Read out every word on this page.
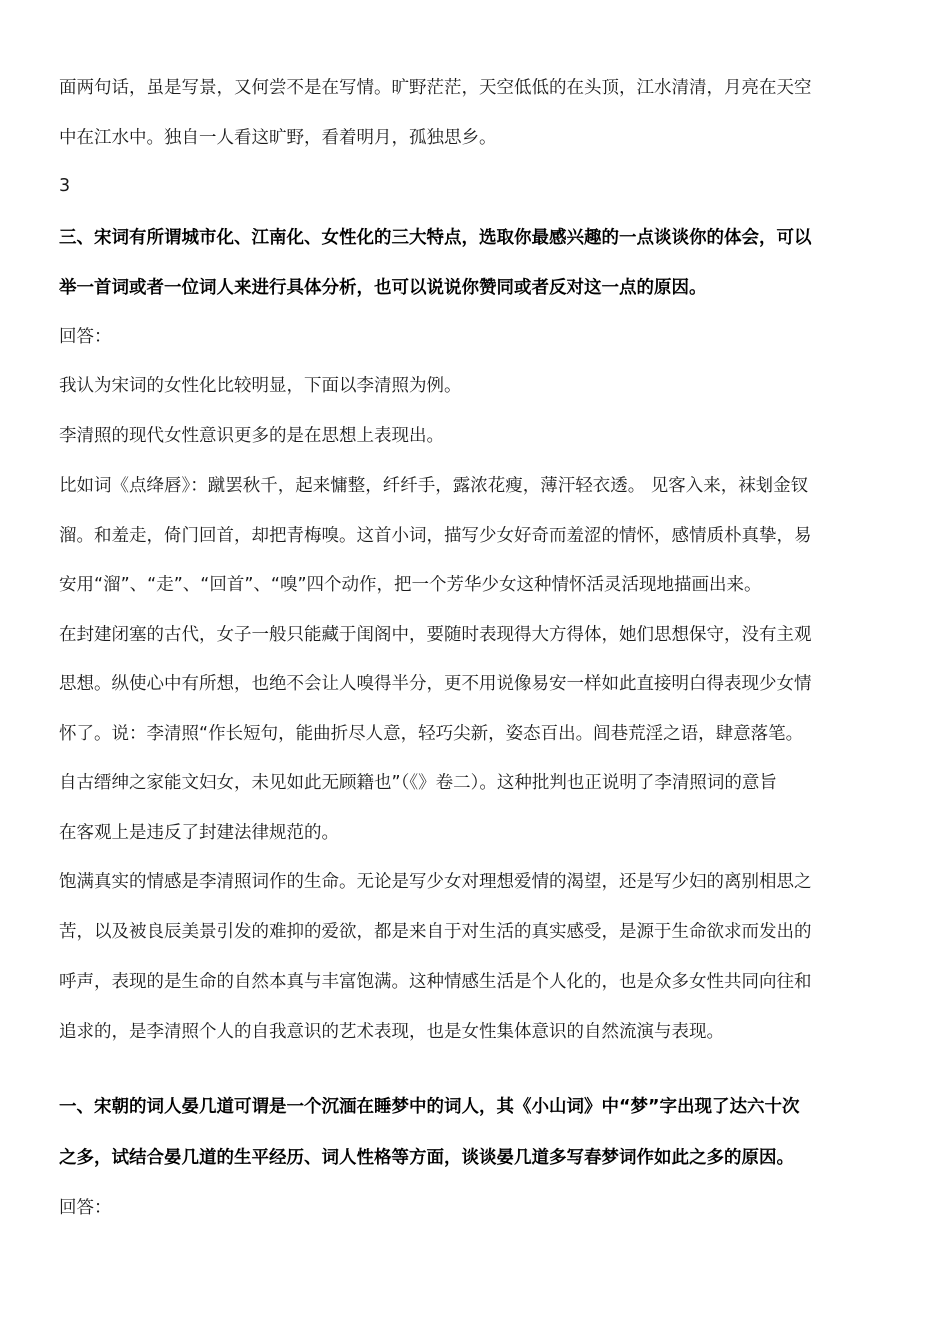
面两句话，虽是写景，又何尝不是在写情。旷野茫茫，天空低低的在头顶，江水清清，月亮在天空
中在江水中。独自一人看这旷野，看着明月，孤独思乡。
3
三、宋词有所谓城市化、江南化、女性化的三大特点，选取你最感兴趣的一点谈谈你的体会，可以
举一首词或者一位词人来进行具体分析，也可以说说你赞同或者反对这一点的原因。
回答：
我认为宋词的女性化比较明显，下面以李清照为例。
李清照的现代女性意识更多的是在思想上表现出。
比如词《点绛唇》：蹴罢秋千，起来慵整，纤纤手，露浓花瘦，薄汗轻衣透。 见客入来，袜刬金钗
溜。和羞走，倚门回首，却把青梅嗅。这首小词，描写少女好奇而羞涩的情怀，感情质朴真挚，易
安用“溜”、“走”、“回首”、“嗅”四个动作，把一个芳华少女这种情怀活灵活现地描画出来。
在封建闭塞的古代，女子一般只能藏于闺阁中，要随时表现得大方得体，她们思想保守，没有主观
思想。纵使心中有所想，也绝不会让人嗅得半分，更不用说像易安一样如此直接明白得表现少女情
怀了。说：李清照“作长短句，能曲折尽人意，轻巧尖新，姿态百出。闾巷荒淫之语，肆意落笔。
自古缙绅之家能文妇女，未见如此无顾籍也”（《》卷二）。这种批判也正说明了李清照词的意旨
在客观上是违反了封建法律规范的。
饱满真实的情感是李清照词作的生命。无论是写少女对理想爱情的渴望，还是写少妇的离别相思之
苦，以及被良辰美景引发的难抑的爱欲，都是来自于对生活的真实感受，是源于生命欲求而发出的
呼声，表现的是生命的自然本真与丰富饱满。这种情感生活是个人化的，也是众多女性共同向往和
追求的，是李清照个人的自我意识的艺术表现，也是女性集体意识的自然流演与表现。
一、宋朝的词人晏几道可谓是一个沉湎在睡梦中的词人，其《小山词》中“梦”字出现了达六十次
之多，试结合晏几道的生平经历、词人性格等方面，谈谈晏几道多写春梦词作如此之多的原因。
回答：
